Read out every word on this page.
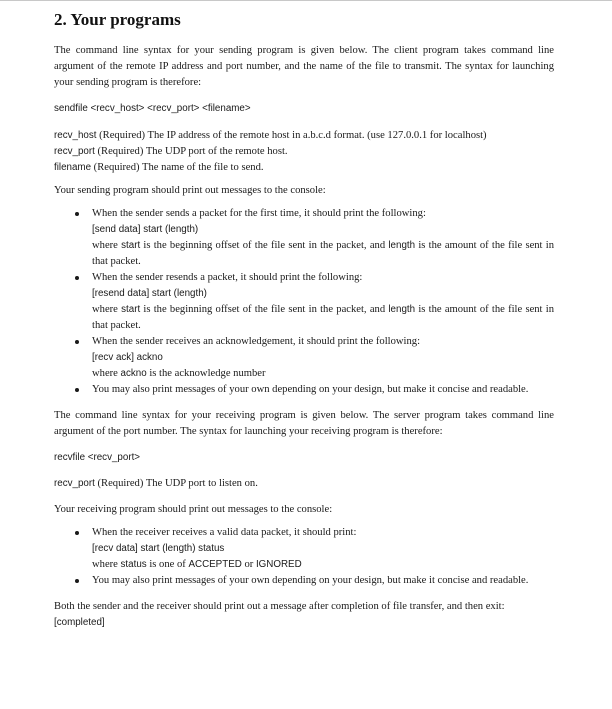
2. Your programs

The command line syntax for your sending program is given below. The client program takes command line argument of the remote IP address and port number, and the name of the file to transmit. The syntax for launching your sending program is therefore:

sendfile <recv_host> <recv_port> <filename>

recv_host (Required) The IP address of the remote host in a.b.c.d format. (use 127.0.0.1 for localhost)

recv_port (Required) The UDP port of the remote host.

filename (Required) The name of the file to send.

Your sending program should print out messages to the console:

When the sender sends a packet for the first time, it should print the following:
[send data] start (length)
where start is the beginning offset of the file sent in the packet, and length is the amount of the file sent in that packet.
When the sender resends a packet, it should print the following:
[resend data] start (length)
where start is the beginning offset of the file sent in the packet, and length is the amount of the file sent in that packet.
When the sender receives an acknowledgement, it should print the following:
[recv ack] ackno
where ackno is the acknowledge number
You may also print messages of your own depending on your design, but make it concise and readable.

The command line syntax for your receiving program is given below. The server program takes command line argument of the port number. The syntax for launching your receiving program is therefore:

recvfile <recv_port>

recv_port (Required) The UDP port to listen on.

Your receiving program should print out messages to the console:

When the receiver receives a valid data packet, it should print:
[recv data] start (length) status
where status is one of ACCEPTED or IGNORED
You may also print messages of your own depending on your design, but make it concise and readable.

Both the sender and the receiver should print out a message after completion of file transfer, and then exit:

[completed]
